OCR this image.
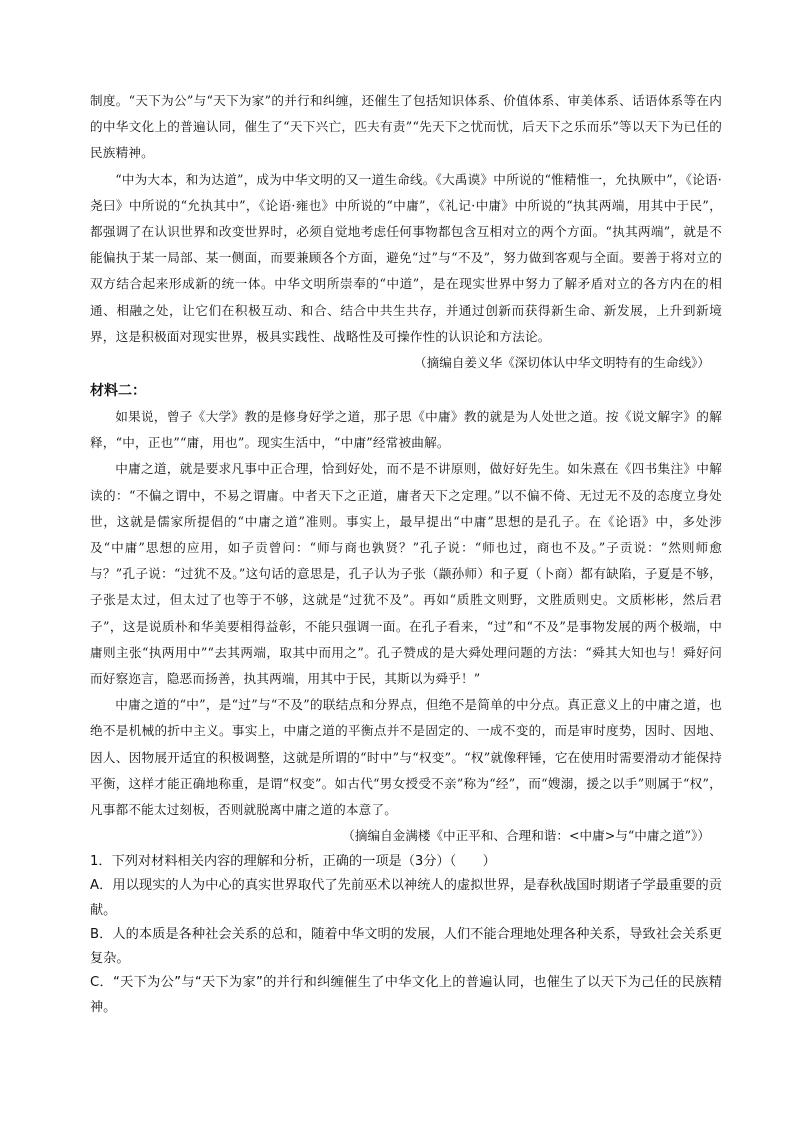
制度。“天下为公”与“天下为家”的并行和纠缠，还催生了包括知识体系、价值体系、审美体系、话语体系等在内的中华文化上的普遍认同，催生了“天下兴亡，匹夫有责”“先天下之忧而忧，后天下之乐而乐”等以天下为已任的民族精神。

“中为大本，和为达道”，成为中华文明的又一道生命线。《大禹谟》中所说的“惟精惟一，允执厥中”，《论语·尧曰》中所说的“允执其中”，《论语·雍也》中所说的“中庸”，《礼记·中庸》中所说的“执其两端，用其中于民”，都强调了在认识世界和改变世界时，必须自觉地考虑任何事物都包含互相对立的两个方面。“执其两端”，就是不能偏执于某一局部、某一侧面，而要兼顾各个方面，避免“过”与“不及”，努力做到客观与全面。要善于将对立的双方结合起来形成新的统一体。中华文明所崇奉的“中道”，是在现实世界中努力了解矛盾对立的各方内在的相通、相融之处，让它们在积极互动、和合、结合中共生共存，并通过创新而获得新生命、新发展，上升到新境界，这是积极面对现实世界，极具实践性、战略性及可操作性的认识论和方法论。

（摘编自姜义华《深切体认中华文明特有的生命线》）

材料二：

如果说，曾子《大学》教的是修身好学之道，那子思《中庸》教的就是为人处世之道。按《说文解字》的解释，“中，正也”“庸，用也”。现实生活中，“中庸”经常被曲解。

中庸之道，就是要求凡事中正合理，恰到好处，而不是不讲原则，做好好先生。如朱熹在《四书集注》中解读的：“不偏之谓中，不易之谓庸。中者天下之正道，庸者天下之定理。”以不偏不倚、无过无不及的态度立身处世，这就是儒家所提倡的“中庸之道”准则。事实上，最早提出“中庸”思想的是孔子。在《论语》中，多处涉及“中庸”思想的应用，如子贡曾问：“师与商也孰贤？”孔子说：“师也过，商也不及。”子贡说：“然则师愈与？”孔子说：“过犹不及。”这句话的意思是，孔子认为子张（颛孙师）和子夏（卜商）都有缺陷，子夏是不够，子张是太过，但太过了也等于不够，这就是“过犹不及”。再如“质胜文则野，文胜质则史。文质彬彬，然后君子”，这是说质朴和华美要相得益彰，不能只强调一面。在孔子看来，“过”和“不及”是事物发展的两个极端，中庸则主张“执两用中”“去其两端，取其中而用之”。孔子赞成的是大舜处理问题的方法：“舜其大知也与！舜好问而好察迩言，隐恶而扬善，执其两端，用其中于民，其斯以为舜乎！”

中庸之道的“中”，是“过”与“不及”的联结点和分界点，但绝不是简单的中分点。真正意义上的中庸之道，也绝不是机械的折中主义。事实上，中庸之道的平衡点并不是固定的、一成不变的，而是审时度势，因时、因地、因人、因物展开适宜的积极调整，这就是所谓的“时中”与“权变”。“权”就像秤锤，它在使用时需要滑动才能保持平衡，这样才能正确地称重，是谓“权变”。如古代“男女授受不亲”称为“经”，而“嫂溺，援之以手”则属于“权”，凡事都不能太过刻板，否则就脱离中庸之道的本意了。

（摘编自金满楼《中正平和、合理和谐：<中庸>与“中庸之道”》）

1．下列对材料相关内容的理解和分析，正确的一项是（3分）（　　）

A．用以现实的人为中心的真实世界取代了先前巫术以神统人的虚拟世界，是春秋战国时期诸子学最重要的贡献。

B．人的本质是各种社会关系的总和，随着中华文明的发展，人们不能合理地处理各种关系，导致社会关系更复杂。

C．“天下为公”与“天下为家”的并行和纠缠催生了中华文化上的普遍认同，也催生了以天下为己任的民族精神。
